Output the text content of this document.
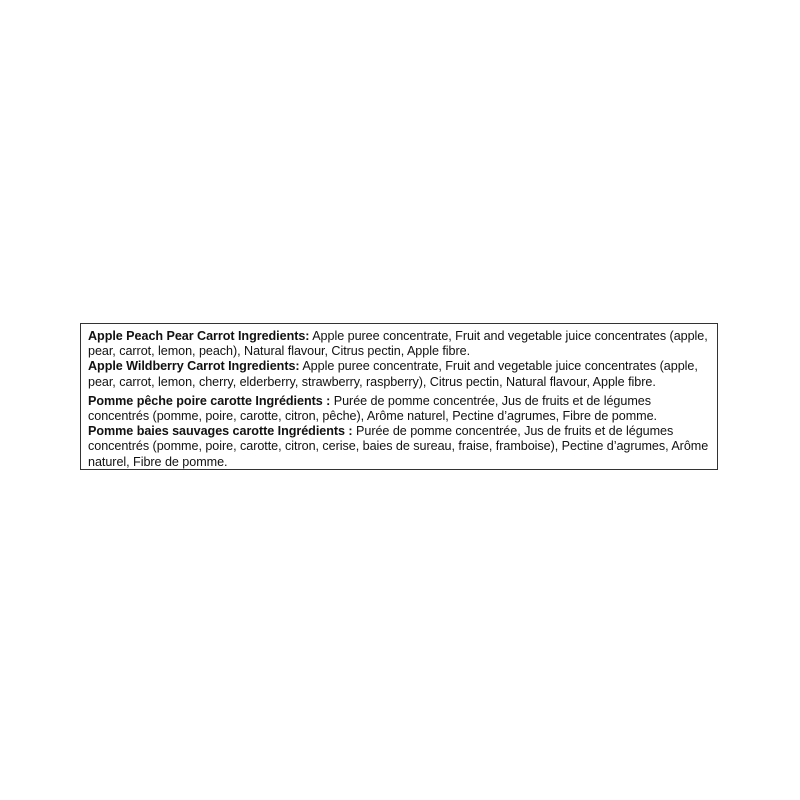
Apple Peach Pear Carrot Ingredients: Apple puree concentrate, Fruit and vegetable juice concentrates (apple, pear, carrot, lemon, peach), Natural flavour, Citrus pectin, Apple fibre.

Apple Wildberry Carrot Ingredients: Apple puree concentrate, Fruit and vegetable juice concentrates (apple, pear, carrot, lemon, cherry, elderberry, strawberry, raspberry), Citrus pectin, Natural flavour, Apple fibre.

Pomme pêche poire carotte Ingrédients : Purée de pomme concentrée, Jus de fruits et de légumes concentrés (pomme, poire, carotte, citron, pêche), Arôme naturel, Pectine d’agrumes, Fibre de pomme.

Pomme baies sauvages carotte Ingrédients : Purée de pomme concentrée, Jus de fruits et de légumes concentrés (pomme, poire, carotte, citron, cerise, baies de sureau, fraise, framboise), Pectine d’agrumes, Arôme naturel, Fibre de pomme.
